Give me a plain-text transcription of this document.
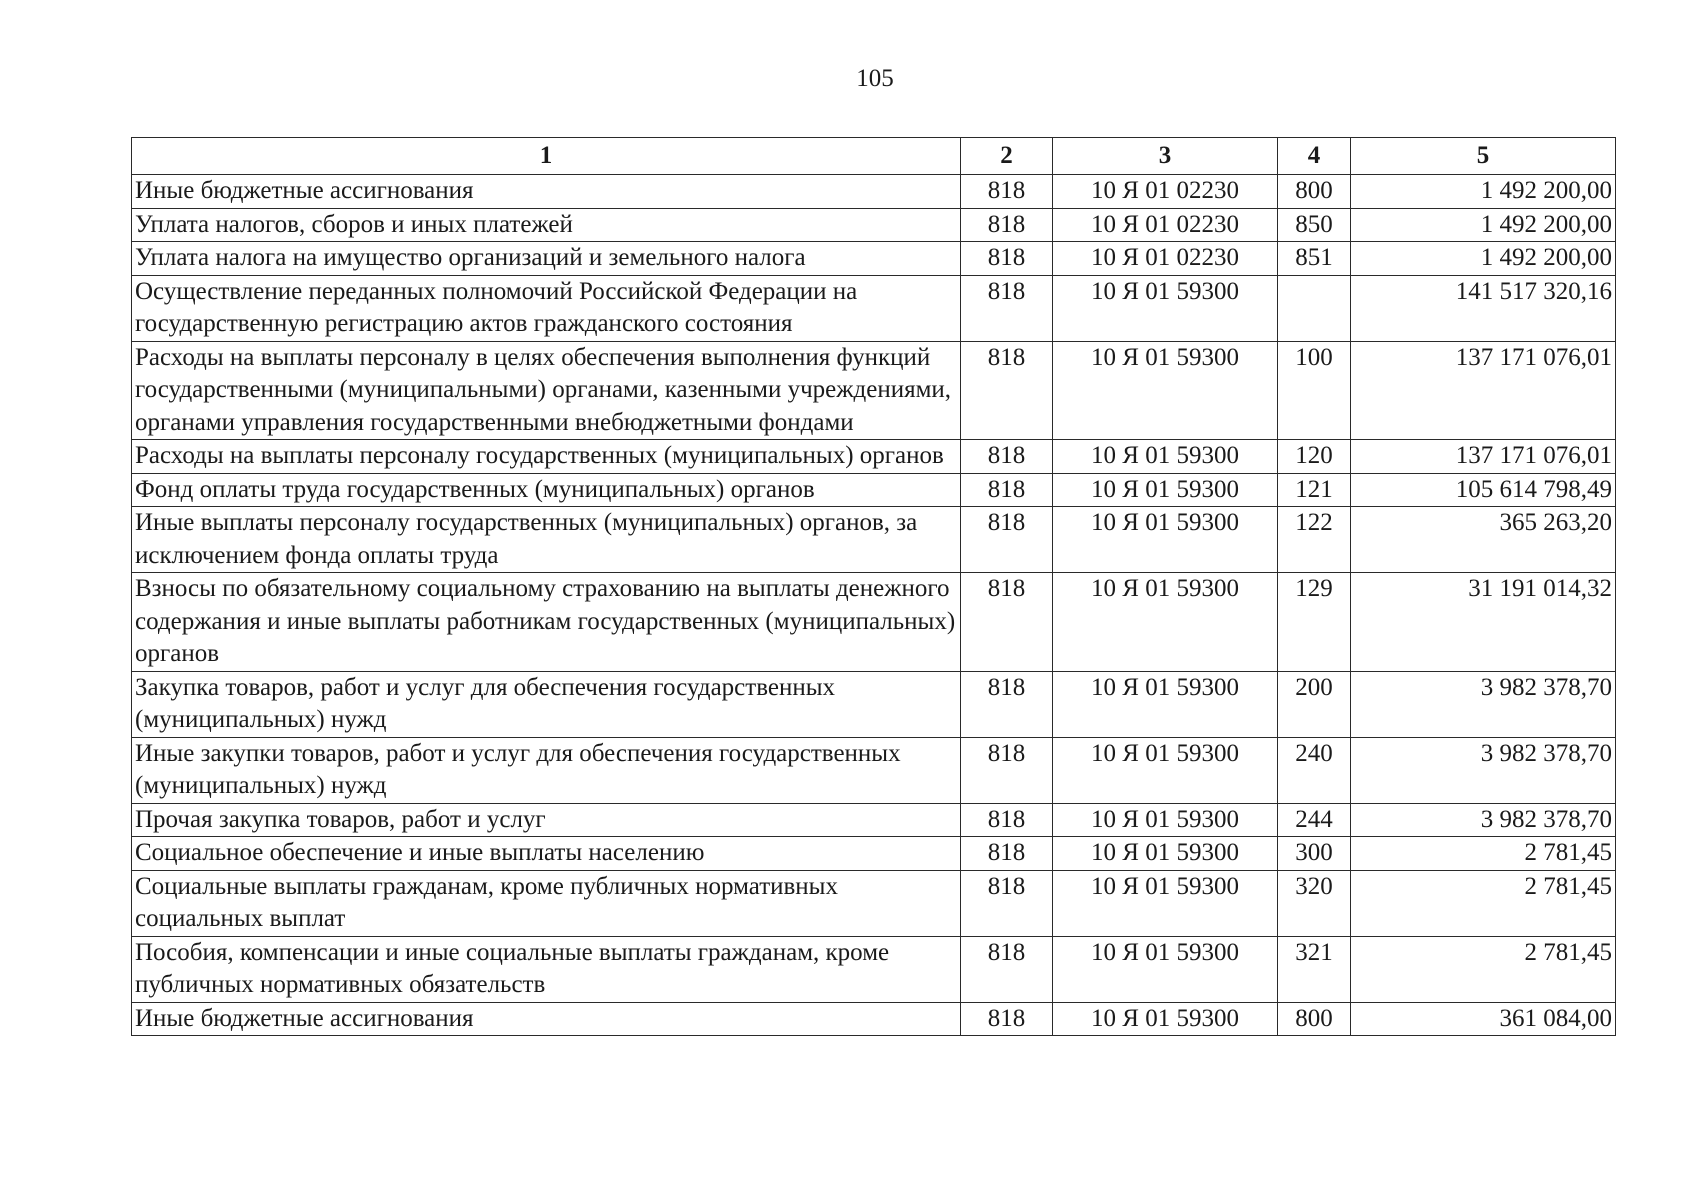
105
1	2	3	4	5
Иные бюджетные ассигнования	818	10 Я 01 02230	800	1 492 200,00
Уплата налогов, сборов и иных платежей	818	10 Я 01 02230	850	1 492 200,00
Уплата налога на имущество организаций и земельного налога	818	10 Я 01 02230	851	1 492 200,00
Осуществление переданных полномочий Российской Федерации на государственную регистрацию актов гражданского состояния	818	10 Я 01 59300		141 517 320,16
Расходы на выплаты персоналу в целях обеспечения выполнения функций государственными (муниципальными) органами, казенными учреждениями, органами управления государственными внебюджетными фондами	818	10 Я 01 59300	100	137 171 076,01
Расходы на выплаты персоналу государственных (муниципальных) органов	818	10 Я 01 59300	120	137 171 076,01
Фонд оплаты труда государственных (муниципальных) органов	818	10 Я 01 59300	121	105 614 798,49
Иные выплаты персоналу государственных (муниципальных) органов, за исключением фонда оплаты труда	818	10 Я 01 59300	122	365 263,20
Взносы по обязательному социальному страхованию на выплаты денежного содержания и иные выплаты работникам государственных (муниципальных) органов	818	10 Я 01 59300	129	31 191 014,32
Закупка товаров, работ и услуг для обеспечения государственных (муниципальных) нужд	818	10 Я 01 59300	200	3 982 378,70
Иные закупки товаров, работ и услуг для обеспечения государственных (муниципальных) нужд	818	10 Я 01 59300	240	3 982 378,70
Прочая закупка товаров, работ и услуг	818	10 Я 01 59300	244	3 982 378,70
Социальное обеспечение и иные выплаты населению	818	10 Я 01 59300	300	2 781,45
Социальные выплаты гражданам, кроме публичных нормативных социальных выплат	818	10 Я 01 59300	320	2 781,45
Пособия, компенсации и иные социальные выплаты гражданам, кроме публичных нормативных обязательств	818	10 Я 01 59300	321	2 781,45
Иные бюджетные ассигнования	818	10 Я 01 59300	800	361 084,00
